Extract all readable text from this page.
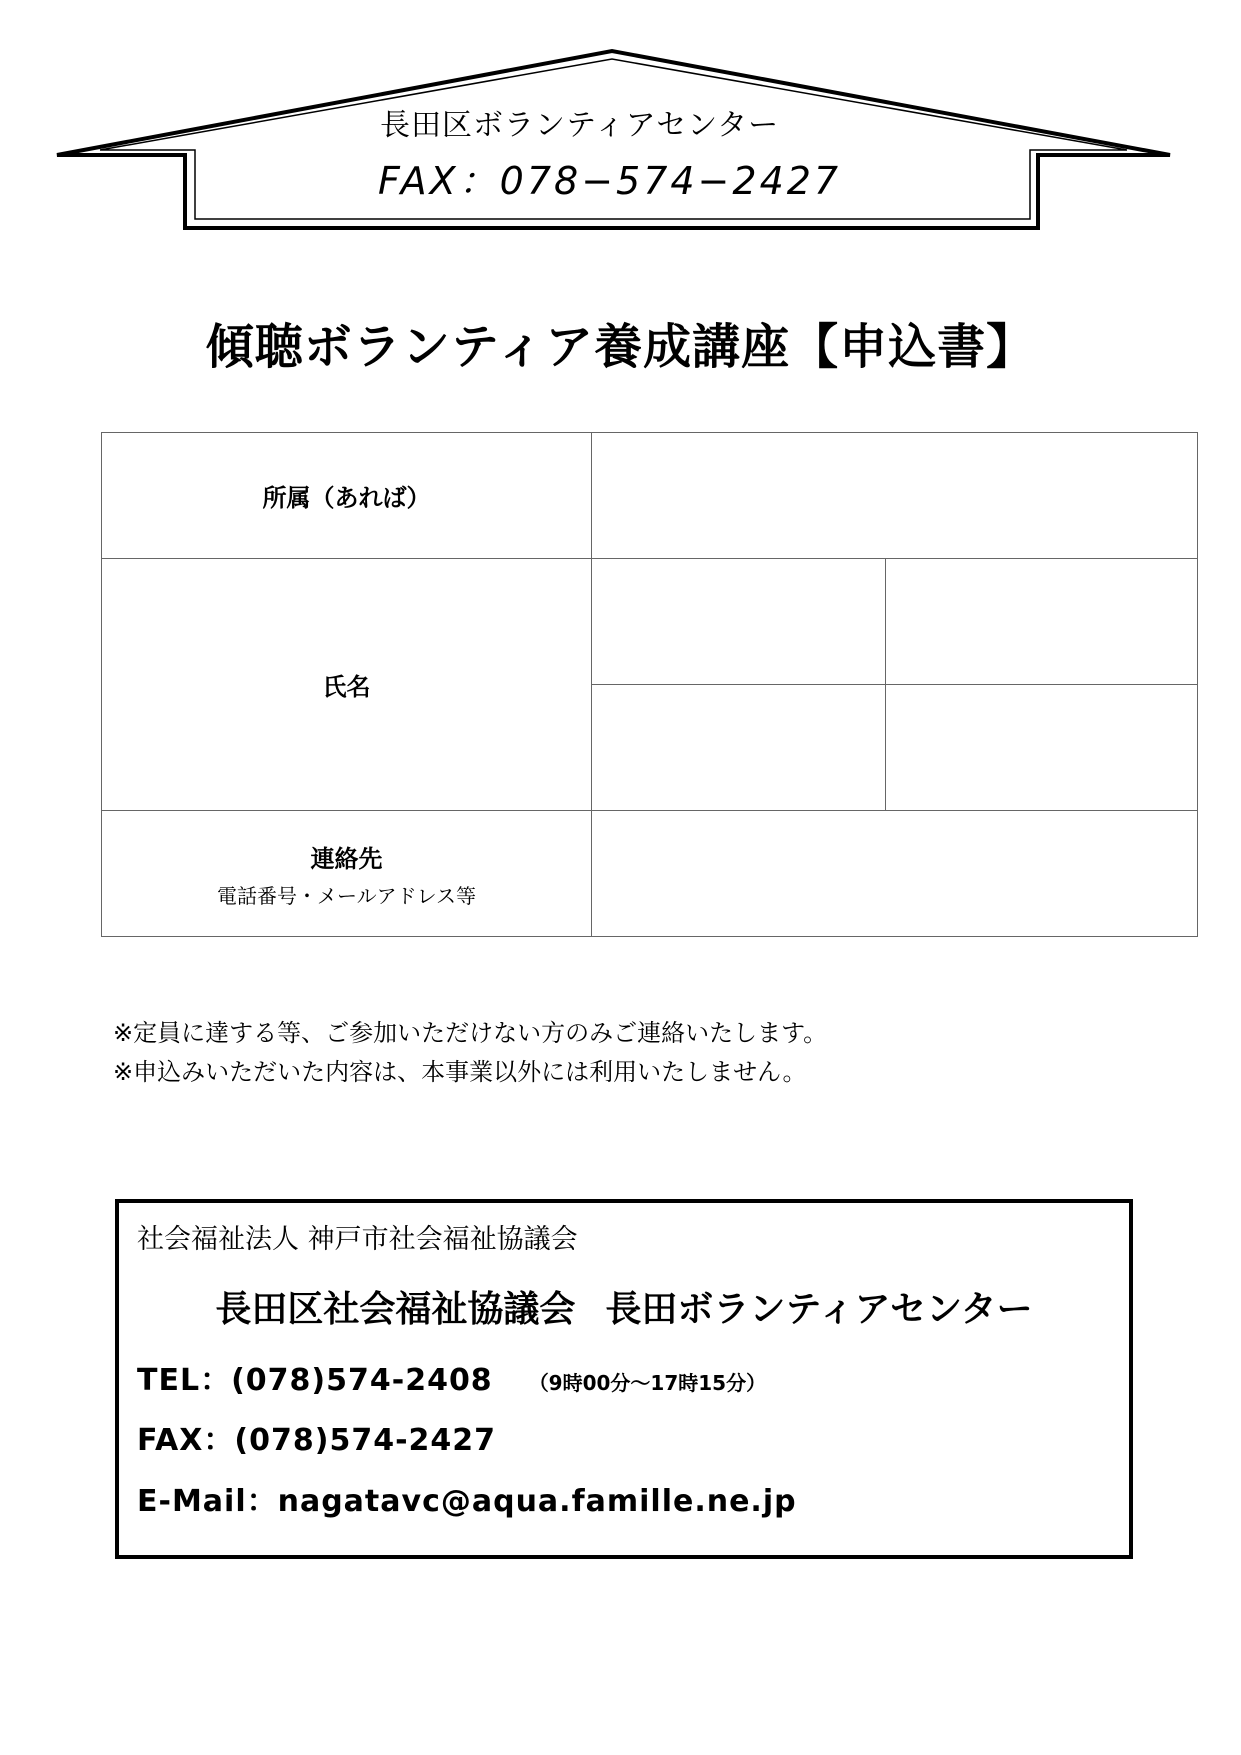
長田区ボランティアセンター
FAX：078−574−2427
傾聴ボランティア養成講座【申込書】
所属（あれば）		
氏名		

連絡先
電話番号・メールアドレス等		

※定員に達する等、ご参加いただけない方のみご連絡いたします。
※申込みいただいた内容は、本事業以外には利用いたしません。
社会福祉法人 神戸市社会福祉協議会
長田区社会福祉協議会 長田ボランティアセンター
TEL：(078)574-2408 （9時00分～17時15分）
FAX：(078)574-2427
E-Mail：nagatavc@aqua.famille.ne.jp
